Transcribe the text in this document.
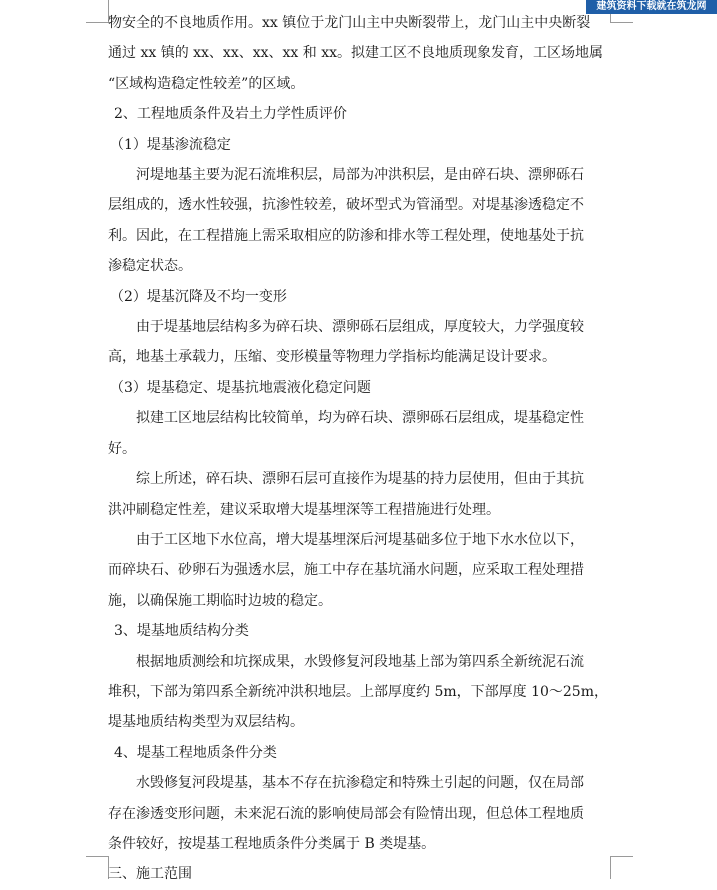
建筑资料下载就在筑龙网

物安全的不良地质作用。xx 镇位于龙门山主中央断裂带上，龙门山主中央断裂

通过 xx 镇的 xx、xx、xx、xx 和 xx。拟建工区不良地质现象发育，工区场地属

“区域构造稳定性较差”的区域。

2、工程地质条件及岩土力学性质评价

（1）堤基渗流稳定

河堤地基主要为泥石流堆积层，局部为冲洪积层，是由碎石块、漂卵砾石

层组成的，透水性较强，抗渗性较差，破坏型式为管涌型。对堤基渗透稳定不

利。因此，在工程措施上需采取相应的防渗和排水等工程处理，使地基处于抗

渗稳定状态。

（2）堤基沉降及不均一变形

由于堤基地层结构多为碎石块、漂卵砾石层组成，厚度较大，力学强度较

高，地基土承载力，压缩、变形模量等物理力学指标均能满足设计要求。

（3）堤基稳定、堤基抗地震液化稳定问题

拟建工区地层结构比较简单，均为碎石块、漂卵砾石层组成，堤基稳定性

好。

综上所述，碎石块、漂卵石层可直接作为堤基的持力层使用，但由于其抗

洪冲刷稳定性差，建议采取增大堤基埋深等工程措施进行处理。

由于工区地下水位高，增大堤基埋深后河堤基础多位于地下水水位以下，

而碎块石、砂卵石为强透水层，施工中存在基坑涌水问题，应采取工程处理措

施，以确保施工期临时边坡的稳定。

3、堤基地质结构分类

根据地质测绘和坑探成果，水毁修复河段地基上部为第四系全新统泥石流

堆积，下部为第四系全新统冲洪积地层。上部厚度约 5m，下部厚度 10～25m，

堤基地质结构类型为双层结构。

4、堤基工程地质条件分类

水毁修复河段堤基，基本不存在抗渗稳定和特殊土引起的问题，仅在局部

存在渗透变形问题，未来泥石流的影响使局部会有险情出现，但总体工程地质

条件较好，按堤基工程地质条件分类属于 B 类堤基。

三、施工范围
